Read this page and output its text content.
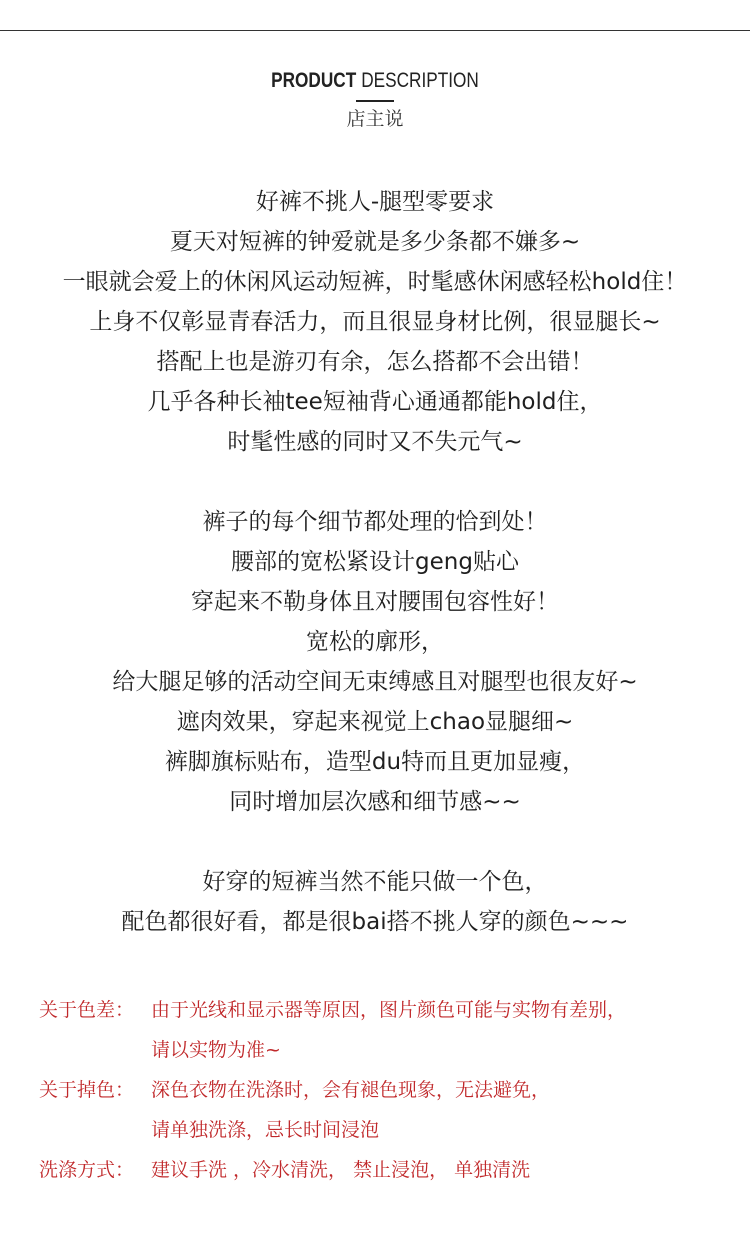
PRODUCT DESCRIPTION
店主说
好裤不挑人-腿型零要求
夏天对短裤的钟爱就是多少条都不嫌多~
一眼就会爱上的休闲风运动短裤，时髦感休闲感轻松hold住！
上身不仅彰显青春活力，而且很显身材比例，很显腿长~
搭配上也是游刃有余，怎么搭都不会出错！
几乎各种长袖tee短袖背心通通都能hold住，
时髦性感的同时又不失元气~
裤子的每个细节都处理的恰到处！
腰部的宽松紧设计geng贴心
穿起来不勒身体且对腰围包容性好！
宽松的廓形，
给大腿足够的活动空间无束缚感且对腿型也很友好~
遮肉效果，穿起来视觉上chao显腿细~
裤脚旗标贴布，造型du特而且更加显瘦，
同时增加层次感和细节感~~
好穿的短裤当然不能只做一个色，
配色都很好看，都是很bai搭不挑人穿的颜色~~~
关于色差： 由于光线和显示器等原因，图片颜色可能与实物有差别，
请以实物为准~
关于掉色： 深色衣物在洗涤时，会有褪色现象，无法避免，
请单独洗涤，忌长时间浸泡
洗涤方式： 建议手洗 ，冷水清洗， 禁止浸泡， 单独清洗
